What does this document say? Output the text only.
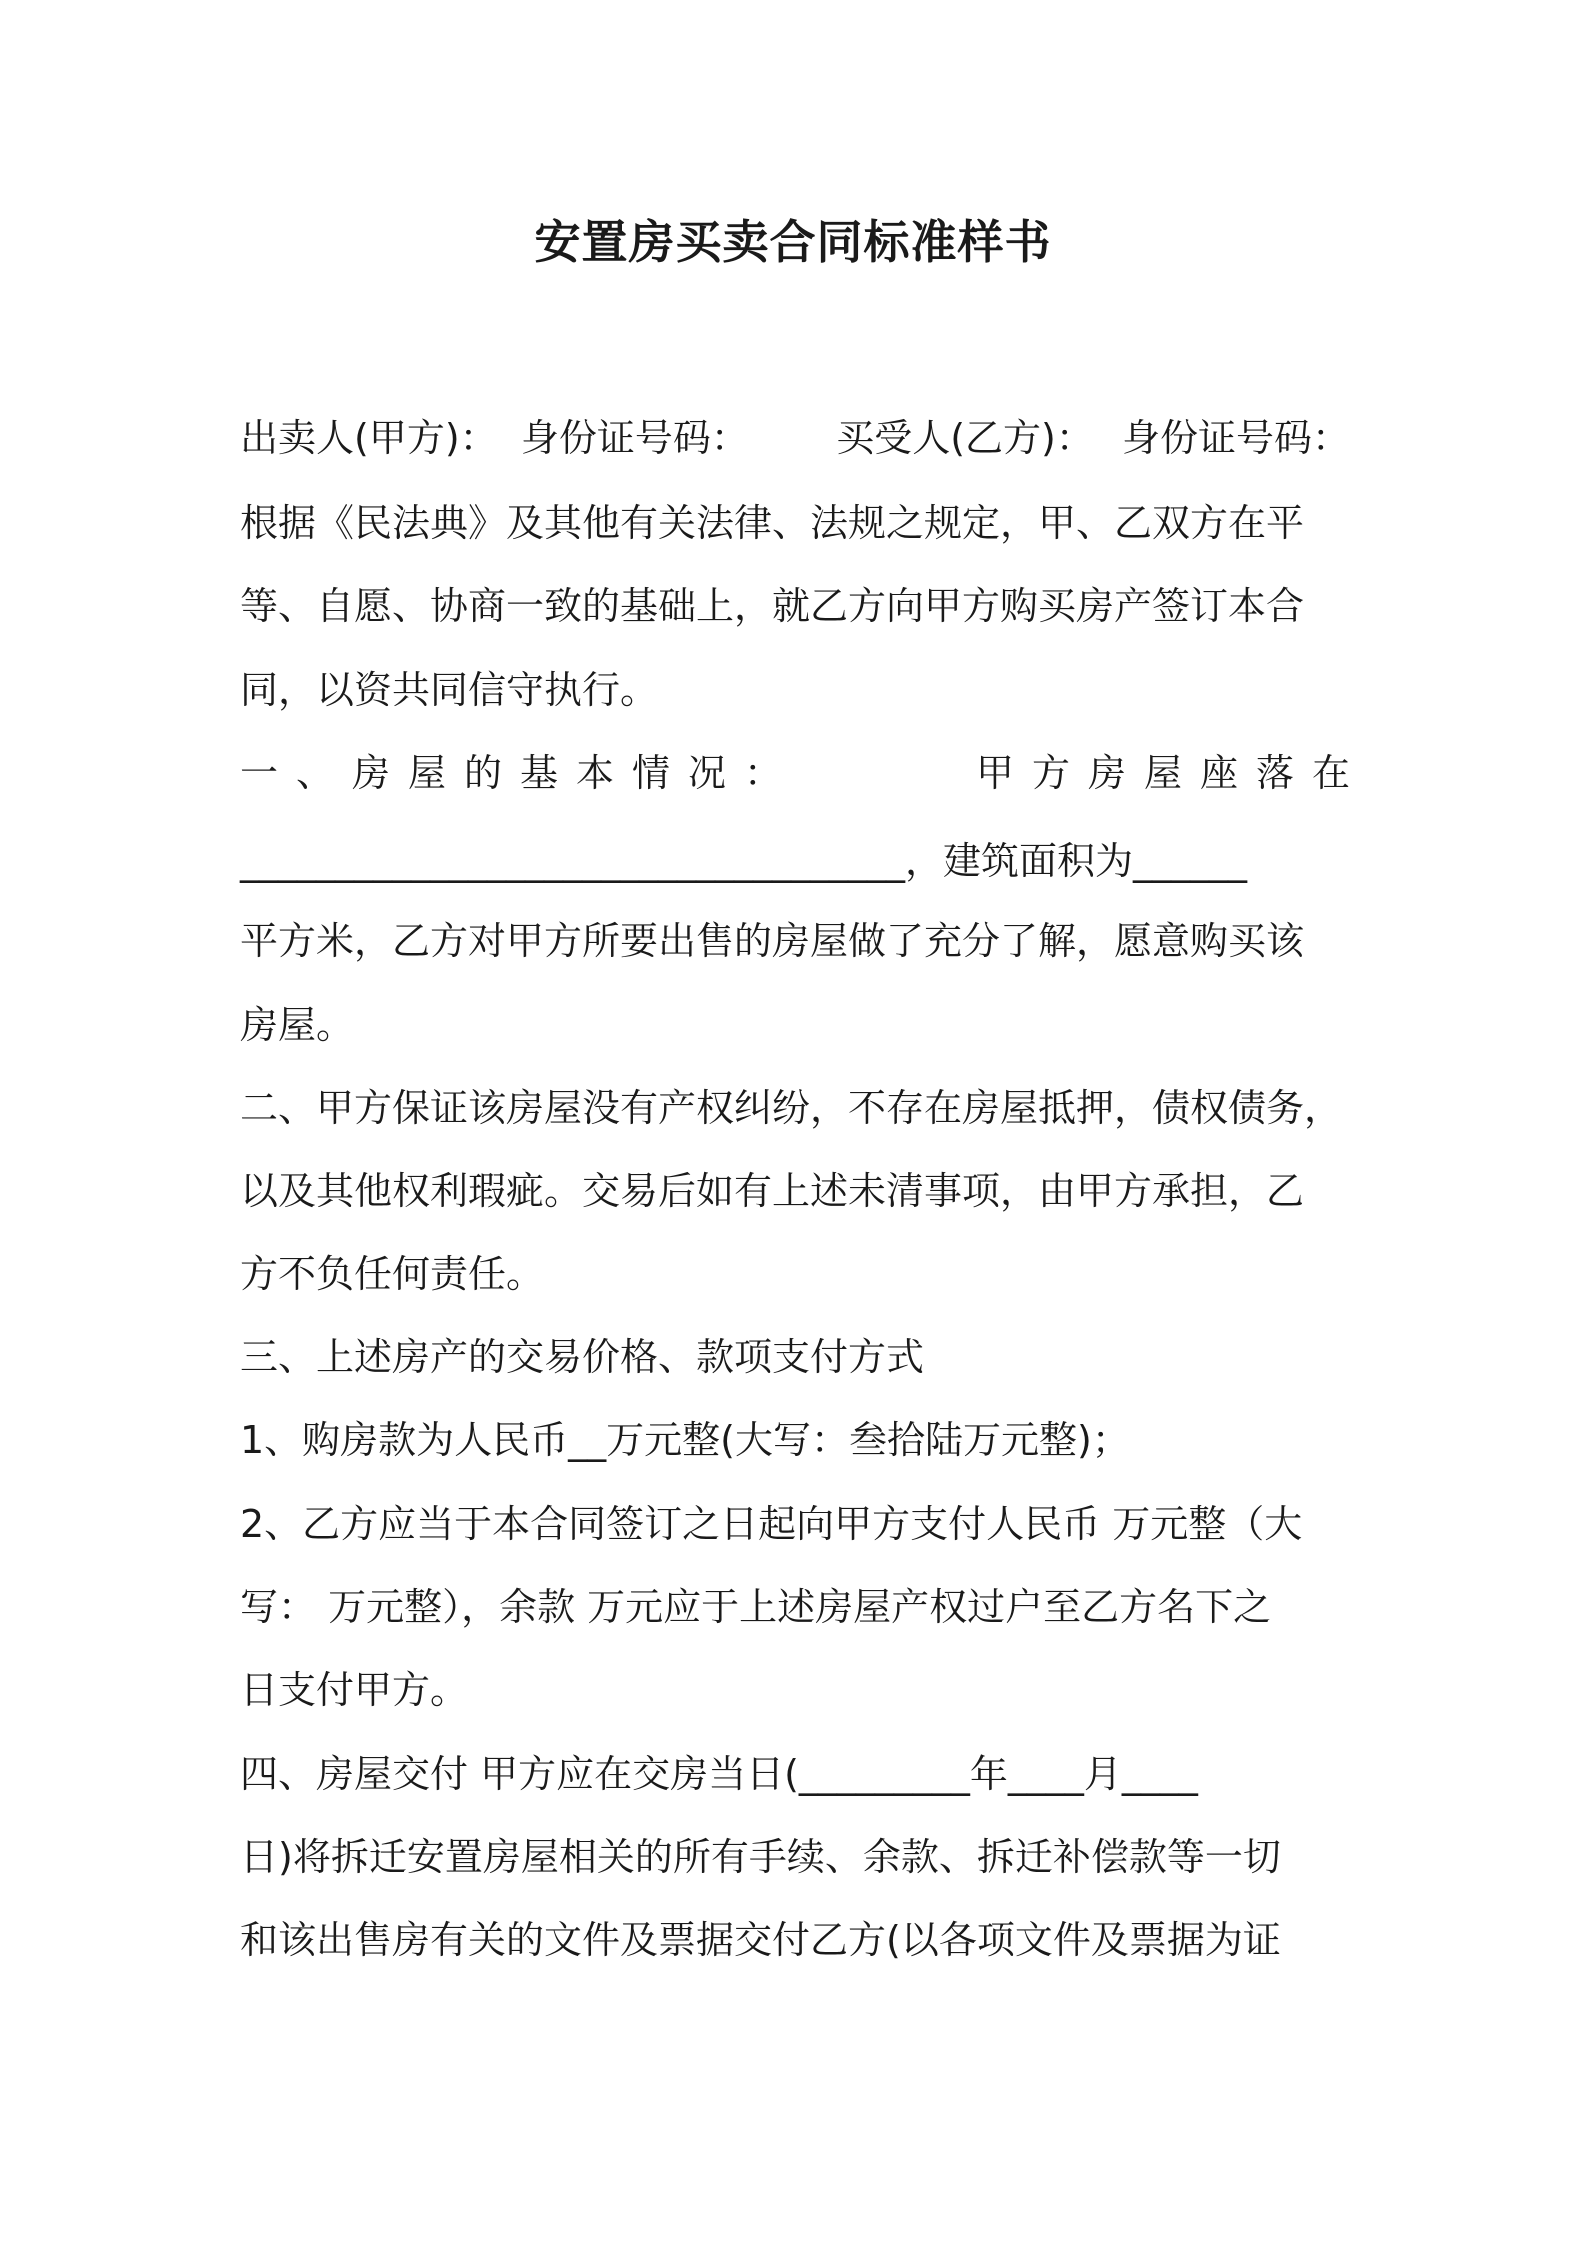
安置房买卖合同标准样书
出卖人(甲方)： 身份证号码：	买受人(乙方)： 身份证号码：
根据《民法典》及其他有关法律、法规之规定，甲、乙双方在平
等、自愿、协商一致的基础上，就乙方向甲方购买房产签订本合
同，以资共同信守执行。
一、房屋的基本情况：	甲方房屋座落在
___________________________________，建筑面积为______
平方米，乙方对甲方所要出售的房屋做了充分了解，愿意购买该
房屋。
二、甲方保证该房屋没有产权纠纷，不存在房屋抵押，债权债务，
以及其他权利瑕疵。交易后如有上述未清事项，由甲方承担，乙
方不负任何责任。
三、上述房产的交易价格、款项支付方式
1、购房款为人民币__万元整(大写：叁拾陆万元整)；
2、乙方应当于本合同签订之日起向甲方支付人民币 万元整（大
写： 万元整），余款 万元应于上述房屋产权过户至乙方名下之
日支付甲方。
四、房屋交付 甲方应在交房当日(_________年____月____
日)将拆迁安置房屋相关的所有手续、余款、拆迁补偿款等一切
和该出售房有关的文件及票据交付乙方(以各项文件及票据为证
